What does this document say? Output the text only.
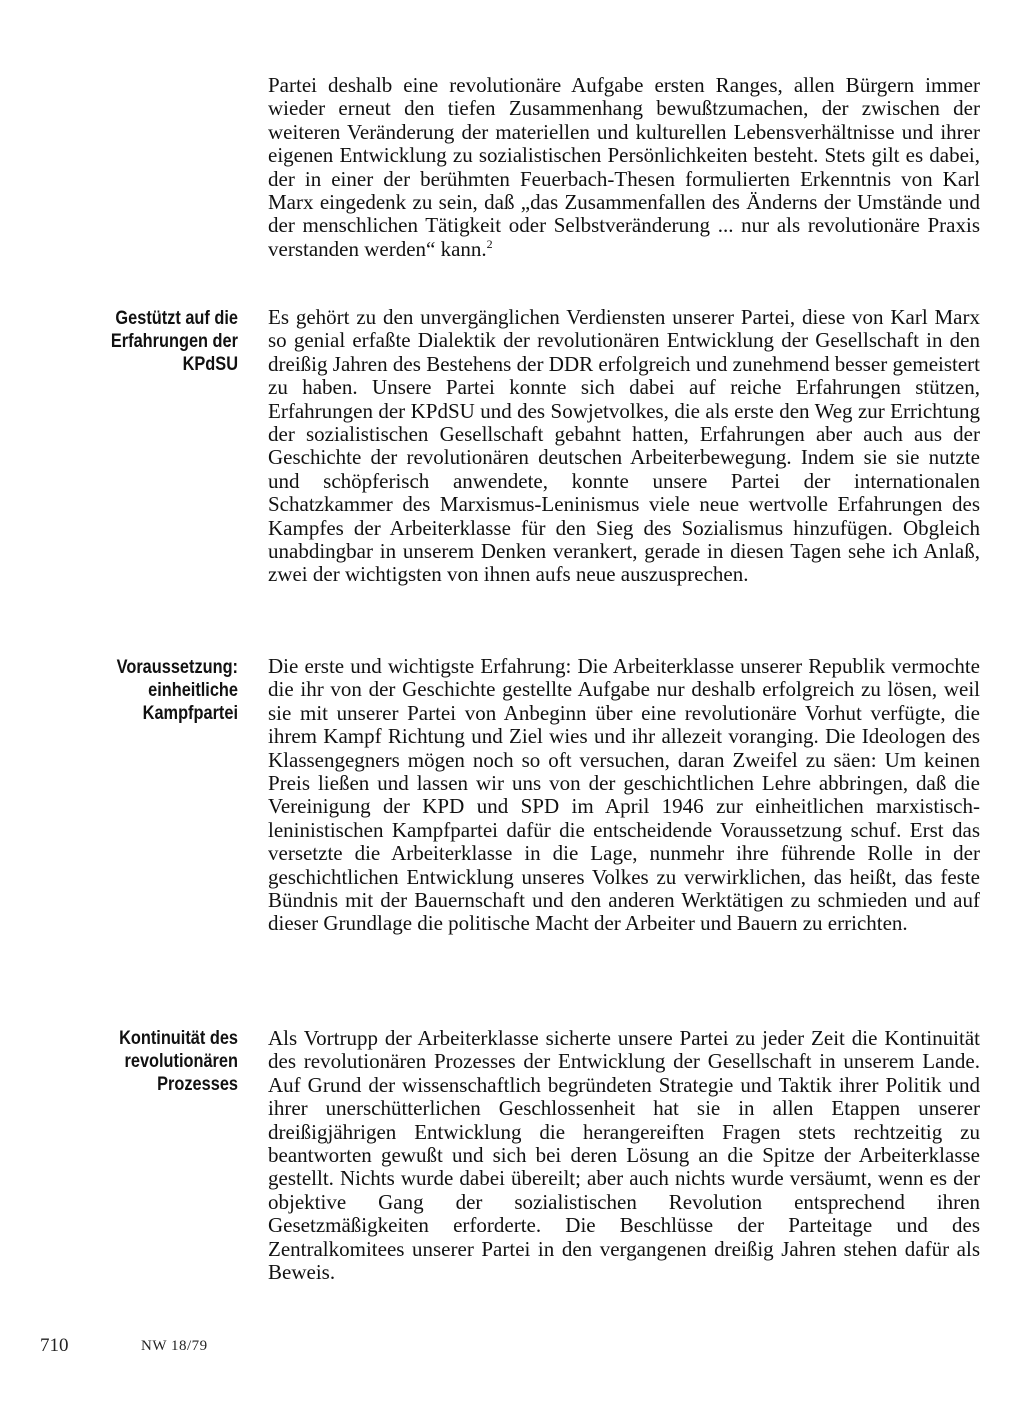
Partei deshalb eine revolutionäre Aufgabe ersten Ranges, allen Bürgern immer wieder erneut den tiefen Zusammenhang bewußtzumachen, der zwischen der weiteren Veränderung der materiellen und kulturellen Lebensverhältnisse und ihrer eigenen Entwicklung zu sozialistischen Persönlichkeiten besteht. Stets gilt es dabei, der in einer der berühmten Feuerbach-Thesen formulierten Erkenntnis von Karl Marx eingedenk zu sein, daß „das Zusammenfallen des Änderns der Umstände und der menschlichen Tätigkeit oder Selbstveränderung ... nur als revolutionäre Praxis verstanden werden“ kann.$^2$

Gestützt auf die Erfahrungen der KPdSU

Es gehört zu den unvergänglichen Verdiensten unserer Partei, diese von Karl Marx so genial erfaßte Dialektik der revolutionären Entwicklung der Gesellschaft in den dreißig Jahren des Bestehens der DDR erfolgreich und zunehmend besser gemeistert zu haben. Unsere Partei konnte sich dabei auf reiche Erfahrungen stützen, Erfahrungen der KPdSU und des Sowjetvolkes, die als erste den Weg zur Errichtung der sozialistischen Gesellschaft gebahnt hatten, Erfahrungen aber auch aus der Geschichte der revolutionären deutschen Arbeiterbewegung. Indem sie sie nutzte und schöpferisch anwendete, konnte unsere Partei der internationalen Schatzkammer des Marxismus-Leninismus viele neue wertvolle Erfahrungen des Kampfes der Arbeiterklasse für den Sieg des Sozialismus hinzufügen. Obgleich unabdingbar in unserem Denken verankert, gerade in diesen Tagen sehe ich Anlaß, zwei der wichtigsten von ihnen aufs neue auszusprechen.

Voraussetzung: einheitliche Kampfpartei

Die erste und wichtigste Erfahrung: Die Arbeiterklasse unserer Republik vermochte die ihr von der Geschichte gestellte Aufgabe nur deshalb erfolgreich zu lösen, weil sie mit unserer Partei von Anbeginn über eine revolutionäre Vorhut verfügte, die ihrem Kampf Richtung und Ziel wies und ihr allezeit voranging. Die Ideologen des Klassengegners mögen noch so oft versuchen, daran Zweifel zu säen: Um keinen Preis ließen und lassen wir uns von der geschichtlichen Lehre abbringen, daß die Vereinigung der KPD und SPD im April 1946 zur einheitlichen marxistisch-leninistischen Kampfpartei dafür die entscheidende Voraussetzung schuf. Erst das versetzte die Arbeiterklasse in die Lage, nunmehr ihre führende Rolle in der geschichtlichen Entwicklung unseres Volkes zu verwirklichen, das heißt, das feste Bündnis mit der Bauernschaft und den anderen Werktätigen zu schmieden und auf dieser Grundlage die politische Macht der Arbeiter und Bauern zu errichten.

Kontinuität des revolutionären Prozesses

Als Vortrupp der Arbeiterklasse sicherte unsere Partei zu jeder Zeit die Kontinuität des revolutionären Prozesses der Entwicklung der Gesellschaft in unserem Lande. Auf Grund der wissenschaftlich begründeten Strategie und Taktik ihrer Politik und ihrer unerschütterlichen Geschlossenheit hat sie in allen Etappen unserer dreißigjährigen Entwicklung die herangereiften Fragen stets rechtzeitig zu beantworten gewußt und sich bei deren Lösung an die Spitze der Arbeiterklasse gestellt. Nichts wurde dabei übereilt; aber auch nichts wurde versäumt, wenn es der objektive Gang der sozialistischen Revolution entsprechend ihren Gesetzmäßigkeiten erforderte. Die Beschlüsse der Parteitage und des Zentralkomitees unserer Partei in den vergangenen dreißig Jahren stehen dafür als Beweis.

710	NW 18/79
